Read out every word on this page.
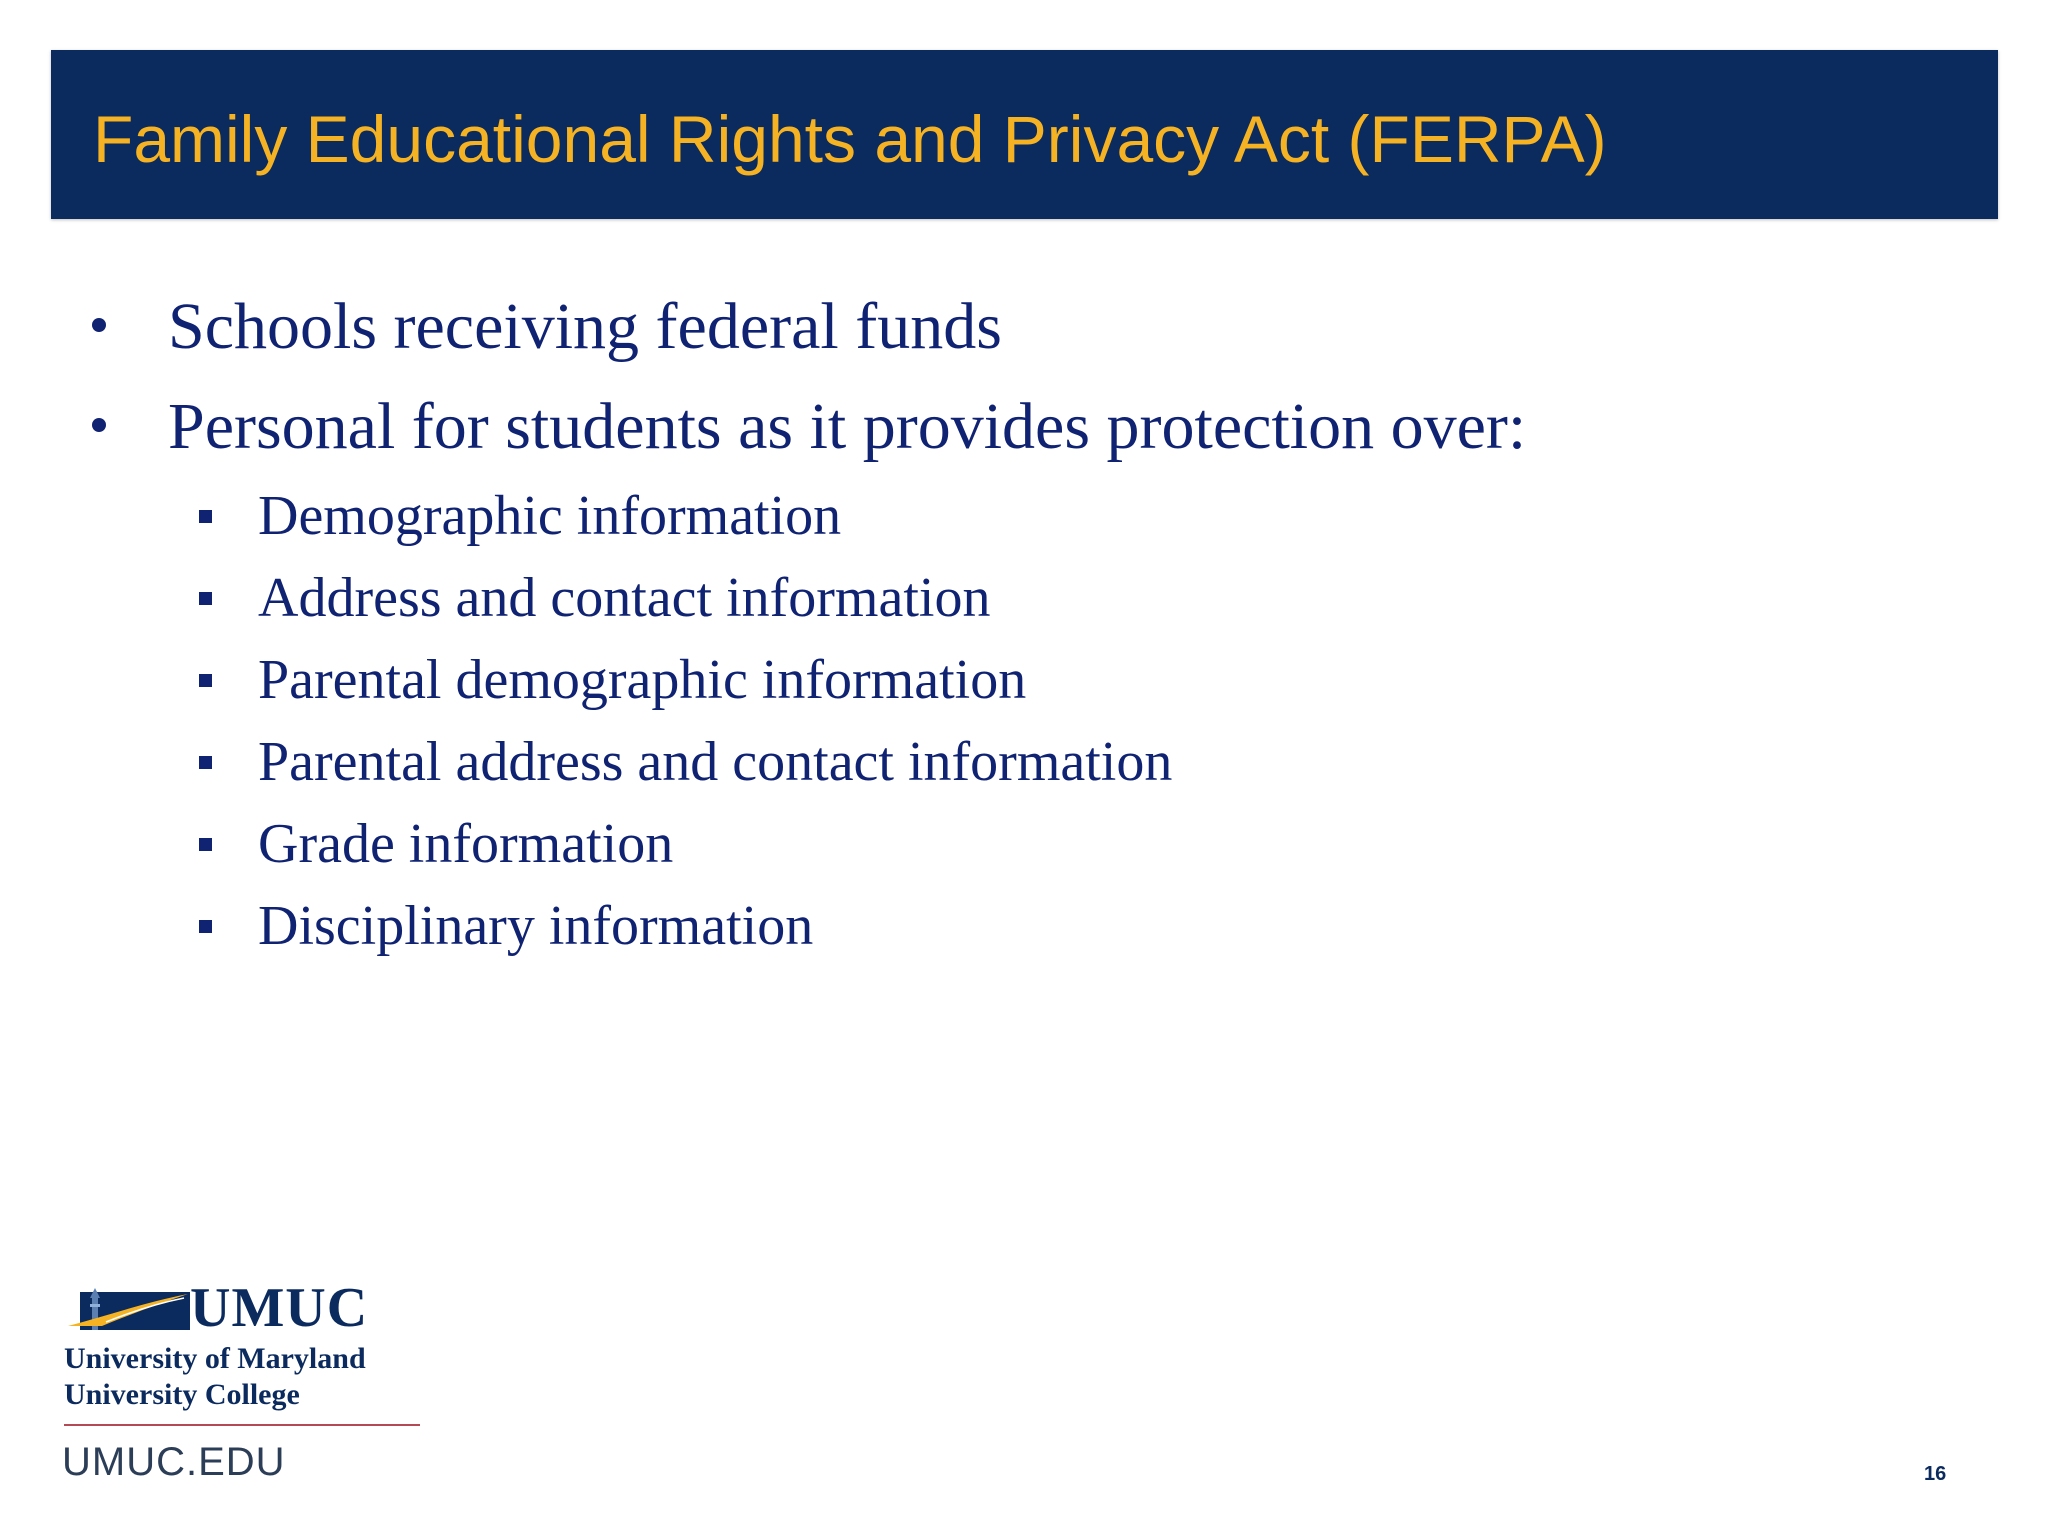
Family Educational Rights and Privacy Act (FERPA)
Schools receiving federal funds
Personal for students as it provides protection over:
Demographic information
Address and contact information
Parental demographic information
Parental address and contact information
Grade information
Disciplinary information
UMUC
University of Maryland
University College
UMUC.EDU	16
